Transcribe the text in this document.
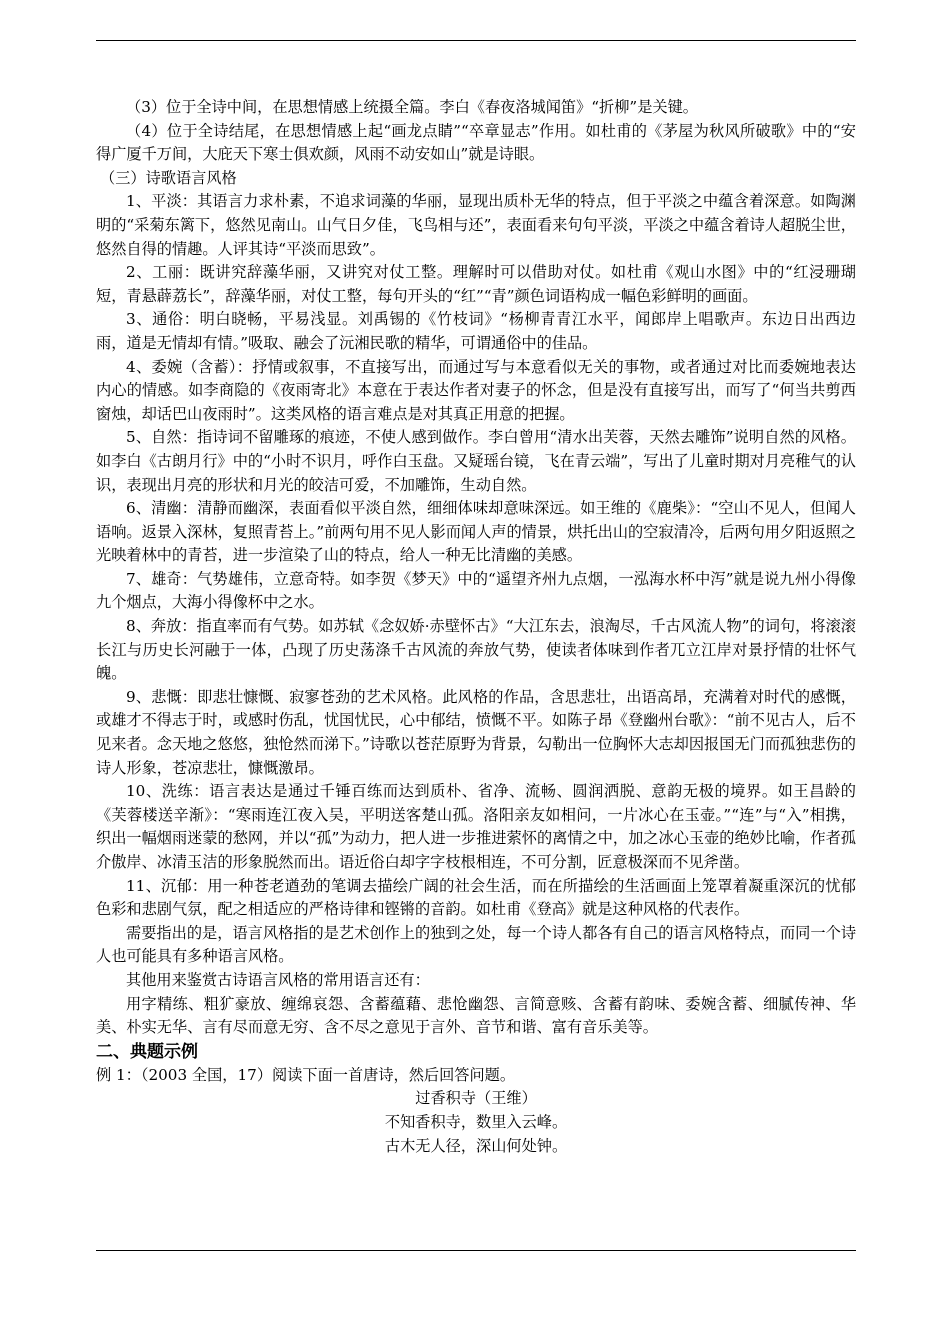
（3）位于全诗中间，在思想情感上统摄全篇。李白《春夜洛城闻笛》“折柳”是关键。

（4）位于全诗结尾，在思想情感上起“画龙点睛”“卒章显志”作用。如杜甫的《茅屋为秋风所破歌》中的“安得广厦千万间，大庇天下寒士俱欢颜，风雨不动安如山”就是诗眼。

（三）诗歌语言风格

1、平淡：其语言力求朴素，不追求词藻的华丽，显现出质朴无华的特点，但于平淡之中蕴含着深意。如陶渊明的“采菊东篱下，悠然见南山。山气日夕佳，飞鸟相与还”，表面看来句句平淡，平淡之中蕴含着诗人超脱尘世，悠然自得的情趣。人评其诗“平淡而思致”。

2、工丽：既讲究辞藻华丽，又讲究对仗工整。理解时可以借助对仗。如杜甫《观山水图》中的“红浸珊瑚短，青悬薜荔长”，辞藻华丽，对仗工整，每句开头的“红”“青”颜色词语构成一幅色彩鲜明的画面。

3、通俗：明白晓畅，平易浅显。刘禹锡的《竹枝词》“杨柳青青江水平，闻郎岸上唱歌声。东边日出西边雨，道是无情却有情。”吸取、融会了沅湘民歌的精华，可谓通俗中的佳品。

4、委婉（含蓄）：抒情或叙事，不直接写出，而通过写与本意看似无关的事物，或者通过对比而委婉地表达内心的情感。如李商隐的《夜雨寄北》本意在于表达作者对妻子的怀念，但是没有直接写出，而写了“何当共剪西窗烛，却话巴山夜雨时”。这类风格的语言难点是对其真正用意的把握。

5、自然：指诗词不留雕琢的痕迹，不使人感到做作。李白曾用“清水出芙蓉，天然去雕饰”说明自然的风格。如李白《古朗月行》中的“小时不识月，呼作白玉盘。又疑瑶台镜，飞在青云端”，写出了儿童时期对月亮稚气的认识，表现出月亮的形状和月光的皎洁可爱，不加雕饰，生动自然。

6、清幽：清静而幽深，表面看似平淡自然，细细体味却意味深远。如王维的《鹿柴》：“空山不见人，但闻人语响。返景入深林，复照青苔上。”前两句用不见人影而闻人声的情景，烘托出山的空寂清冷，后两句用夕阳返照之光映着林中的青苔，进一步渲染了山的特点，给人一种无比清幽的美感。

7、雄奇：气势雄伟，立意奇特。如李贺《梦天》中的“遥望齐州九点烟，一泓海水杯中泻”就是说九州小得像九个烟点，大海小得像杯中之水。

8、奔放：指直率而有气势。如苏轼《念奴娇·赤壁怀古》“大江东去，浪淘尽，千古风流人物”的词句，将滚滚长江与历史长河融于一体，凸现了历史荡涤千古风流的奔放气势，使读者体味到作者兀立江岸对景抒情的壮怀气魄。

9、悲慨：即悲壮慷慨、寂寥苍劲的艺术风格。此风格的作品，含思悲壮，出语高昂，充满着对时代的感慨，或雄才不得志于时，或感时伤乱，忧国忧民，心中郁结，愤慨不平。如陈子昂《登幽州台歌》：“前不见古人，后不见来者。念天地之悠悠，独怆然而涕下。”诗歌以苍茫原野为背景，勾勒出一位胸怀大志却因报国无门而孤独悲伤的诗人形象，苍凉悲壮，慷慨激昂。

10、洗练：语言表达是通过千锤百练而达到质朴、省净、流畅、圆润洒脱、意韵无极的境界。如王昌龄的《芙蓉楼送辛渐》：“寒雨连江夜入吴，平明送客楚山孤。洛阳亲友如相问，一片冰心在玉壶。”“连”与“入”相携，织出一幅烟雨迷蒙的愁网，并以“孤”为动力，把人进一步推进萦怀的离情之中，加之冰心玉壶的绝妙比喻，作者孤介傲岸、冰清玉洁的形象脱然而出。语近俗白却字字枝根相连，不可分割，匠意极深而不见斧凿。

11、沉郁：用一种苍老遒劲的笔调去描绘广阔的社会生活，而在所描绘的生活画面上笼罩着凝重深沉的忧郁色彩和悲剧气氛，配之相适应的严格诗律和铿锵的音韵。如杜甫《登高》就是这种风格的代表作。

需要指出的是，语言风格指的是艺术创作上的独到之处，每一个诗人都各有自己的语言风格特点，而同一个诗人也可能具有多种语言风格。

其他用来鉴赏古诗语言风格的常用语言还有：

用字精练、粗犷豪放、缠绵哀怨、含蓄蕴藉、悲怆幽怨、言简意赅、含蓄有韵味、委婉含蓄、细腻传神、华美、朴实无华、言有尽而意无穷、含不尽之意见于言外、音节和谐、富有音乐美等。

二、典题示例

例 1：（2003 全国，17）阅读下面一首唐诗，然后回答问题。

过香积寺（王维）

不知香积寺，数里入云峰。

古木无人径，深山何处钟。
